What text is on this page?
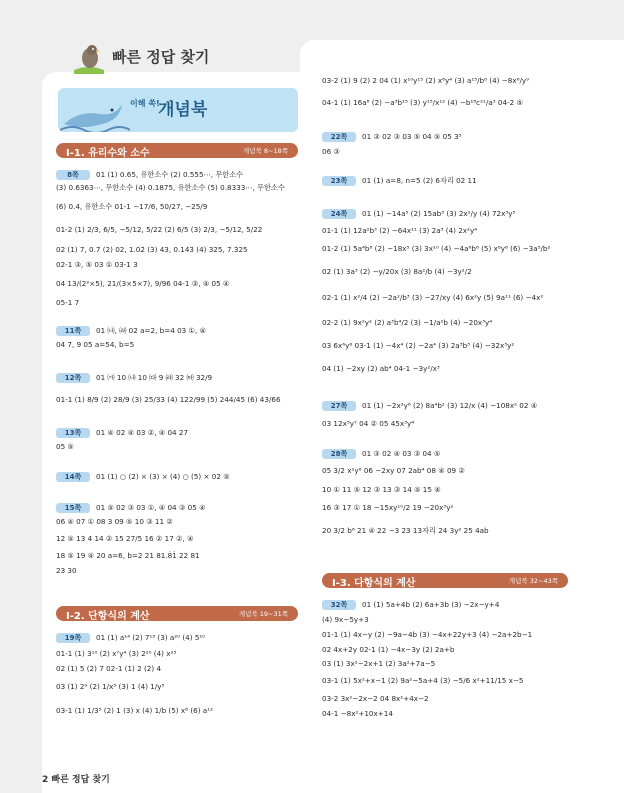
빠른 정답 찾기
이해 쏙!
개념북
Ⅰ-1. 유리수와 소수	개념북 8~18쪽
8쪽	01 (1) 0.65, 유한소수 (2) 0.555⋯, 무한소수
(3) 0.6363⋯, 무한소수 (4) 0.1875, 유한소수 (5) 0.8333⋯, 무한소수
(6) 0.4, 유한소수 01-1 −17/6, 50/27, −25/9
01-2 (1) 2/3, 6/5, −5/12, 5/22 (2) 6/5 (3) 2/3, −5/12, 5/22
02 (1) 7, 0.7̇ (2) 02, 1.0̇2̇ (3) 43, 0.14̇3̇ (4) 325, 7.3̇25̇
02-1 ③, ⑤ 03 ① 03-1 3
04 13/(2²×5), 21/(3×5×7), 9/96 04-1 ③, ④ 05 ④
05-1 7
11쪽	01 ㈏, ㈑ 02 a=2, b=4 03 ①, ④
04 7, 9 05 a=54, b=5
12쪽	01 ㈎ 10 ㈏ 10 ㈐ 9 ㈑ 32 ㈒ 32/9
01-1 (1) 8/9 (2) 28/9 (3) 25/33 (4) 122/99 (5) 244/45 (6) 43/66
13쪽	01 ④ 02 ④ 03 ②, ④ 04 27
05 ⑤
14쪽	01 (1) ○ (2) × (3) × (4) ○ (5) × 02 ⑤
15쪽	01 ⑤ 02 ③ 03 ①, ④ 04 ③ 05 ④
06 ④ 07 ① 08 3 09 ⑤ 10 ③ 11 ②
12 ⑤ 13 4 14 ② 15 27/5 16 ② 17 ②, ④
18 ⑤ 19 ④ 20 a=6, b=2 21 81.8̇1̇ 22 81
23 30
Ⅰ-2. 단항식의 계산	개념북 19~31쪽
19쪽	01 (1) a¹⁴ (2) 7¹³ (3) a²⁰ (4) 5¹⁰
01-1 (1) 3¹⁰ (2) x⁷y⁴ (3) 2²⁰ (4) x²³
02 (1) 5 (2) 7 02-1 (1) 2 (2) 4
03 (1) 2⁹ (2) 1/x⁵ (3) 1 (4) 1/y⁵
03-1 (1) 1/3⁵ (2) 1 (3) x (4) 1/b (5) x⁸ (6) a¹²
03-2 (1) 9 (2) 2 04 (1) x¹⁰y¹⁵ (2) x⁶y⁴ (3) a¹⁵/b⁶ (4) −8x⁶/y⁹
04-1 (1) 16a⁸ (2) −a³b¹⁵ (3) y¹⁵/x¹² (4) −b¹⁸c²¹/a³ 04-2 ⑤
22쪽	01 ③ 02 ③ 03 ⑤ 04 ⑤ 05 3⁵
06 ③
23쪽	01 (1) a=8, n=5 (2) 6자리 02 11
24쪽	01 (1) −14a⁵ (2) 15ab³ (3) 2x²/y (4) 72x³y⁵
01-1 (1) 12a²b³ (2) −64x¹¹ (3) 2a³ (4) 2x²y⁴
01-2 (1) 5a⁴b⁸ (2) −18x⁵ (3) 3x¹⁰ (4) −4a⁶b⁶ (5) x⁸y⁶ (6) −3a⁵/b²
02 (1) 3a³ (2) −y/20x (3) 8a²/b (4) −3y²/2
02-1 (1) x²/4 (2) −2a²/b³ (3) −27/xy (4) 6x²y (5) 9a¹¹ (6) −4x²
02-2 (1) 9x²y² (2) a³b⁴/2 (3) −1/a²b (4) −20x³y⁴
03 6x⁶y⁶ 03-1 (1) −4x⁴ (2) −2a⁴ (3) 2a³b³ (4) −32x³y²
04 (1) −2xy (2) ab⁴ 04-1 −3y²/x³
27쪽	01 (1) −2x²y⁶ (2) 8a⁴b² (3) 12/x (4) −108x² 02 ④
03 12x⁵y⁷ 04 ② 05 45x³y⁴
28쪽	01 ③ 02 ④ 03 ③ 04 ⑤
05 3/2 x²y⁶ 06 −2xy 07 2ab⁴ 08 ④ 09 ②
10 ① 11 ⑤ 12 ③ 13 ③ 14 ⑤ 15 ④
16 ③ 17 ① 18 −15xy¹⁰/2 19 −20x³y²
20 3/2 b⁶ 21 ④ 22 −3 23 13자리 24 3y² 25 4ab
Ⅰ-3. 다항식의 계산	개념북 32~43쪽
32쪽	01 (1) 5a+4b (2) 6a+3b (3) −2x−y+4
(4) 9x−5y+3
01-1 (1) 4x−y (2) −9a−4b (3) −4x+22y+3 (4) −2a+2b−1
02 4x+2y 02-1 (1) −4x−3y (2) 2a+b
03 (1) 3x²−2x+1 (2) 3a²+7a−5
03-1 (1) 5x²+x−1 (2) 9a²−5a+4 (3) −5/6 x²+11/15 x−5
03-2 3x²−2x−2 04 8x²+4x−2
04-1 −8x²+10x+14
2 빠른 정답 찾기
